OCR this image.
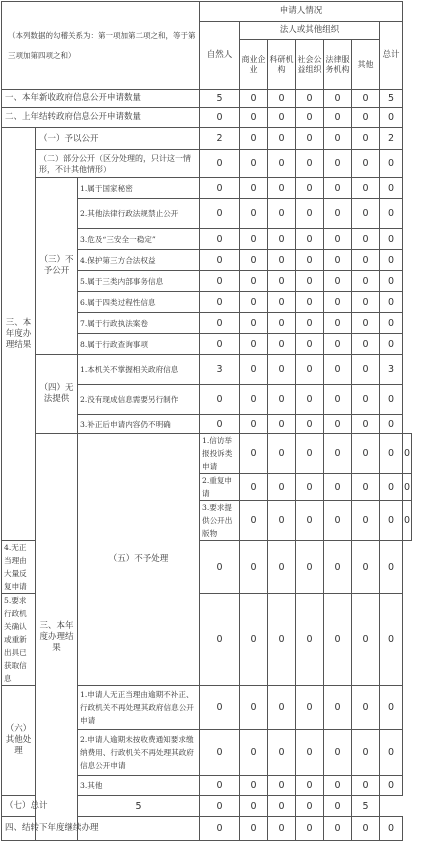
（本列数据的勾稽关系为：第一项加第二项之和，等于第三项加第四项之和）			申请人情况							
			自然人	法人或其他组织					总计	
				商业企业	科研机构	社会公益组织	法律服务机构	其他		
一、本年新收政府信息公开申请数量			5	0	0	0	0	0	5	
二、上年结转政府信息公开申请数量			0	0	0	0	0	0	0	
三、本年度办理结果	（一）予以公开		2	0	0	0	0	0	2	
	（二）部分公开（区分处理的，只计这一情形，不计其他情形）		0	0	0	0	0	0	0	
	（三）不予公开	1.属于国家秘密	0	0	0	0	0	0	0	
		2.其他法律行政法规禁止公开	0	0	0	0	0	0	0	
		3.危及“三安全一稳定”	0	0	0	0	0	0	0	
		4.保护第三方合法权益	0	0	0	0	0	0	0	
		5.属于三类内部事务信息	0	0	0	0	0	0	0	
		6.属于四类过程性信息	0	0	0	0	0	0	0	
		7.属于行政执法案卷	0	0	0	0	0	0	0	
		8.属于行政查询事项	0	0	0	0	0	0	0	
	（四）无法提供	1.本机关不掌握相关政府信息	3	0	0	0	0	0	3	
		2.没有现成信息需要另行制作	0	0	0	0	0	0	0	
		3.补正后申请内容仍不明确	0	0	0	0	0	0	0	
	三、本年度办理结果	（五）不予处理	1.信访举报投诉类申请	0	0	0	0	0	0	0
			2.重复申请	0	0	0	0	0	0	0
			3.要求提供公开出版物	0	0	0	0	0	0	0
4.无正当理由大量反复申请			0	0	0	0	0	0	0	
5.要求行政机关确认或重新出具已获取信息			0	0	0	0	0	0	0	
（六）其他处理		1.申请人无正当理由逾期不补正、行政机关不再处理其政府信息公开申请	0	0	0	0	0	0	0	
		2.申请人逾期未按收费通知要求缴纳费用、行政机关不再处理其政府信息公开申请	0	0	0	0	0	0	0	
		3.其他	0	0	0	0	0	0	0	
（七）总计		5	0	0	0	0	0	5		
四、结转下年度继续办理			0	0	0	0	0	0	0	
